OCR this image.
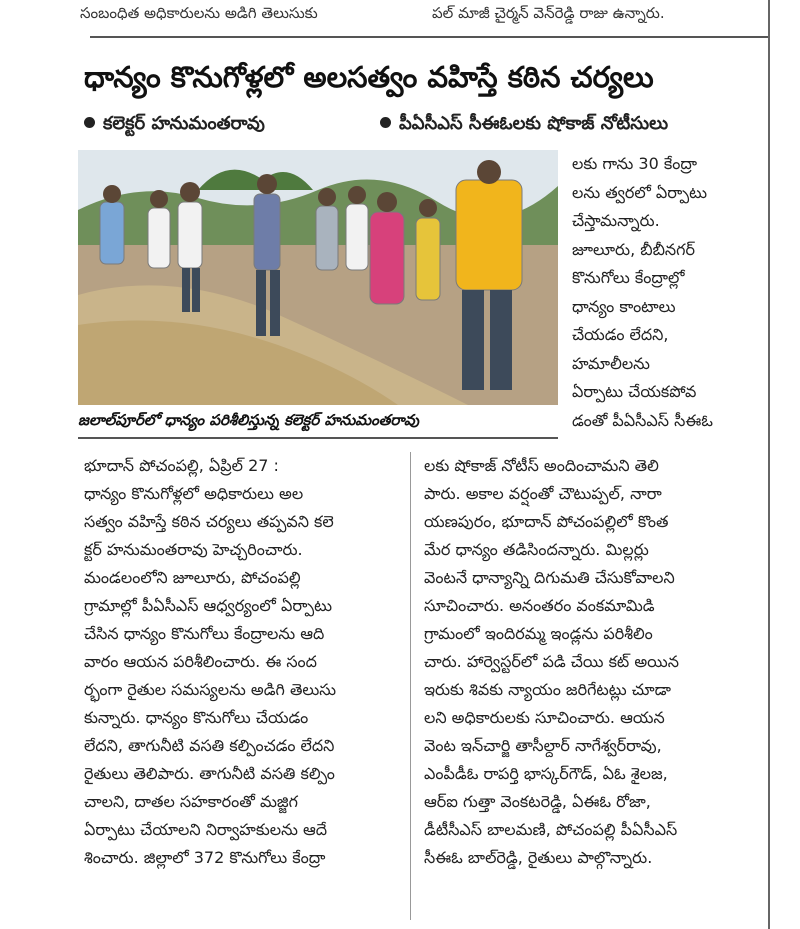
సంబంధిత అధికారులను అడిగి తెలుసుకు	పల్ మాజీ చైర్మన్ వెన్‌రెడ్డి రాజు ఉన్నారు.
ధాన్యం కొనుగోళ్లలో అలసత్వం వహిస్తే కఠిన చర్యలు
కలెక్టర్ హనుమంతరావు	పీఏసీఎస్ సీఈఓలకు షోకాజ్ నోటీసులు
జలాల్‌పూర్‌లో ధాన్యం పరిశీలిస్తున్న కలెక్టర్ హనుమంతరావు
లకు గాను 30 కేంద్రా
లను త్వరలో ఏర్పాటు
చేస్తామన్నారు.
జూలూరు, బీబీనగర్
కొనుగోలు కేంద్రాల్లో
ధాన్యం కాంటాలు
చేయడం లేదని,
హమాలీలను
ఏర్పాటు చేయకపోవ
డంతో పీఏసీఎస్ సీఈఓ
భూదాన్ పోచంపల్లి, ఏప్రిల్ 27 :
ధాన్యం కొనుగోళ్లలో అధికారులు అల
సత్వం వహిస్తే కఠిన చర్యలు తప్పవని కలె
క్టర్ హనుమంతరావు హెచ్చరించారు.
మండలంలోని జూలూరు, పోచంపల్లి
గ్రామాల్లో పీఏసీఎస్ ఆధ్వర్యంలో ఏర్పాటు
చేసిన ధాన్యం కొనుగోలు కేంద్రాలను ఆది
వారం ఆయన పరిశీలించారు. ఈ సంద
ర్భంగా రైతుల సమస్యలను అడిగి తెలుసు
కున్నారు. ధాన్యం కొనుగోలు చేయడం
లేదని, తాగునీటి వసతి కల్పించడం లేదని
రైతులు తెలిపారు. తాగునీటి వసతి కల్పిం
చాలని, దాతల సహకారంతో మజ్జిగ
ఏర్పాటు చేయాలని నిర్వాహకులను ఆదే
శించారు. జిల్లాలో 372 కొనుగోలు కేంద్రా
లకు షోకాజ్ నోటీస్ అందించామని తెలి
పారు. అకాల వర్షంతో చౌటుప్పల్, నారా
యణపురం, భూదాన్ పోచంపల్లిలో కొంత
మేర ధాన్యం తడిసిందన్నారు. మిల్లర్లు
వెంటనే ధాన్యాన్ని దిగుమతి చేసుకోవాలని
సూచించారు. అనంతరం వంకమామిడి
గ్రామంలో ఇందిరమ్మ ఇండ్లను పరిశీలిం
చారు. హార్వెస్టర్‌లో పడి చేయి కట్ అయిన
ఇరుకు శివకు న్యాయం జరిగేటట్లు చూడా
లని అధికారులకు సూచించారు. ఆయన
వెంట ఇన్‌చార్జి తాసీల్దార్ నాగేశ్వర్‌రావు,
ఎంపీడీఓ రాపర్తి భాస్కర్‌గౌడ్, ఏఓ శైలజ,
ఆర్ఐ గుత్తా వెంకటరెడ్డి, ఏఈఓ రోజా,
డీటీసీఎస్ బాలమణి, పోచంపల్లి పీఏసీఎస్
సీఈఓ బాల్‌రెడ్డి, రైతులు పాల్గొన్నారు.
